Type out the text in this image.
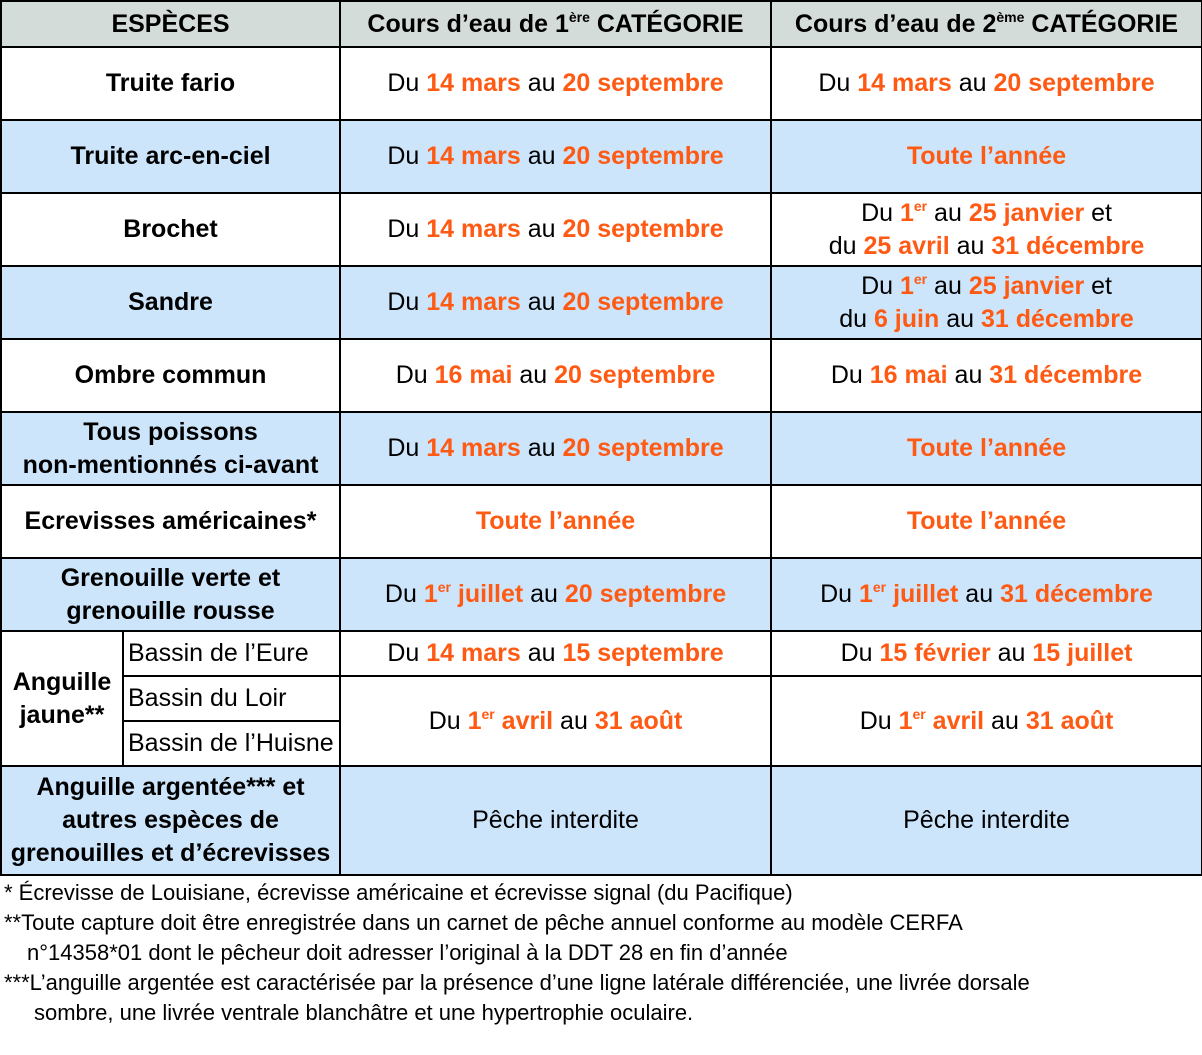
ESPÈCES		Cours d’eau de 1ère CATÉGORIE	Cours d’eau de 2ème CATÉGORIE
Truite fario		Du 14 mars au 20 septembre	Du 14 mars au 20 septembre
Truite arc-en-ciel		Du 14 mars au 20 septembre	Toute l’année
Brochet		Du 14 mars au 20 septembre	Du 1er au 25 janvier et
du 25 avril au 31 décembre
Sandre		Du 14 mars au 20 septembre	Du 1er au 25 janvier et
du 6 juin au 31 décembre
Ombre commun		Du 16 mai au 20 septembre	Du 16 mai au 31 décembre
Tous poissons
non-mentionnés ci-avant		Du 14 mars au 20 septembre	Toute l’année
Ecrevisses américaines*		Toute l’année	Toute l’année
Grenouille verte et
grenouille rousse		Du 1er juillet au 20 septembre	Du 1er juillet au 31 décembre
Anguille
jaune**	Bassin de l’Eure	Du 14 mars au 15 septembre	Du 15 février au 15 juillet
	Bassin du Loir	Du 1er avril au 31 août	Du 1er avril au 31 août
	Bassin de l’Huisne		
Anguille argentée*** et
autres espèces de
grenouilles et d’écrevisses		Pêche interdite	Pêche interdite
* Écrevisse de Louisiane, écrevisse américaine et écrevisse signal (du Pacifique)
**Toute capture doit être enregistrée dans un carnet de pêche annuel conforme au modèle CERFA
n°14358*01 dont le pêcheur doit adresser l’original à la DDT 28 en fin d’année
***L’anguille argentée est caractérisée par la présence d’une ligne latérale différenciée, une livrée dorsale
sombre, une livrée ventrale blanchâtre et une hypertrophie oculaire.
